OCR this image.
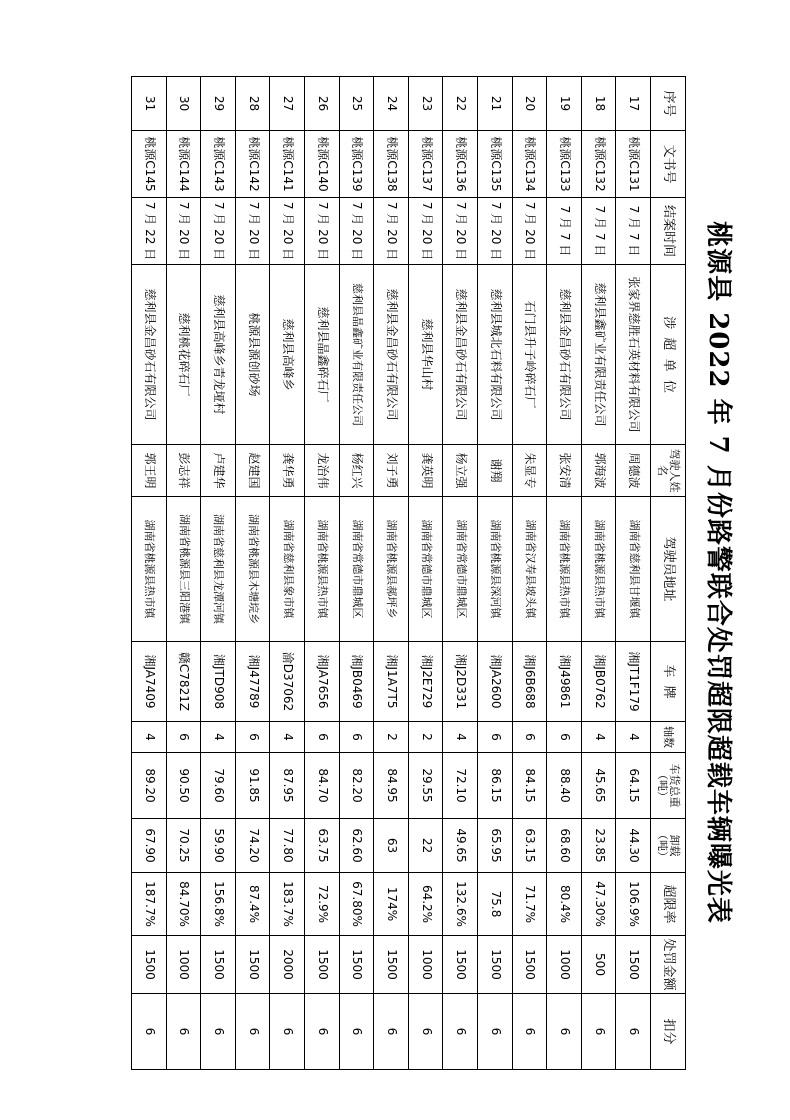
桃源县 2022 年 7 月份路警联合处罚超限超载车辆曝光表
序号	文书号	结案时间	涉  超  单  位	驾驶人姓名	驾驶员地址	车  牌	轴数	车货总重（吨）	卸载（吨）	超限率	处罚金额	扣分
17	桃源C131	7 月 7 日	张家界慈胜石英材料有限公司	周德波	湖南省慈利县甘堰镇	湘JT1F179	4	64.15	44.30	106.9%	1500	6
18	桃源C132	7 月 7 日	慈利县鑫矿业有限责任公司	郭海波	湖南省桃源县热市镇	湘JB0762	4	45.65	23.85	47.30%	500	6
19	桃源C133	7 月 7 日	慈利县金昌砂石有限公司	张安清	湖南省桃源县热市镇	湘J49861	6	88.40	68.60	80.4%	1000	6
20	桃源C134	7 月 20 日	石门县升子岭碎石厂	朱显专	湖南省汉寿县坡头镇	湘J6B688	6	84.15	63.15	71.7%	1500	6
21	桃源C135	7 月 20 日	慈利县城北石料有限公司	谢翔	湖南省桃源县深河镇	湘JA2600	6	86.15	65.95	75.8	1500	6
22	桃源C136	7 月 20 日	慈利县金昌砂石有限公司	杨立强	湖南省常德市鼎城区	湘J2D331	4	72.10	49.65	132.6%	1500	6
23	桃源C137	7 月 20 日	慈利县华山村	龚英明	湖南省常德市鼎城区	湘J2E729	2	29.55	22	64.2%	1000	6
24	桃源C138	7 月 20 日	慈利县金昌砂石有限公司	刘子勇	湖南省桃源县郝坪乡	湘J1A7T5	2	84.95	63	174%	1500	6
25	桃源C139	7 月 20 日	慈利县晶鑫矿业有限责任公司	杨红兴	湖南省常德市鼎城区	湘JB0469	6	82.20	62.60	67.80%	1500	6
26	桃源C140	7 月 20 日	慈利县晶鑫碎石厂	龙治伟	湖南省桃源县热市镇	湘JA7656	6	84.70	63.75	72.9%	1500	6
27	桃源C141	7 月 20 日	慈利县高峰乡	龚华勇	湖南省慈利县象市镇	渝D37062	4	87.95	77.80	183.7%	2000	6
28	桃源C142	7 月 20 日	桃源县源创砂场	赵建国	湖南省桃源县木塘垸乡	湘J47789	6	91.85	74.20	87.4%	1500	6
29	桃源C143	7 月 20 日	慈利县高峰乡青龙垭村	卢建华	湖南省慈利县龙潭河镇	湘JTD908	4	79.60	59.90	156.8%	1500	6
30	桃源C144	7 月 20 日	慈利桃花碎石厂	彭志祥	湖南省桃源县三阳港镇	赣C7821Z	6	90.50	70.25	84.70%	1000	6
31	桃源C145	7 月 22 日	慈利县金昌砂石有限公司	郭王明	湖南省桃源县热市镇	湘JA7409	4	89.20	67.90	187.7%	1500	6
